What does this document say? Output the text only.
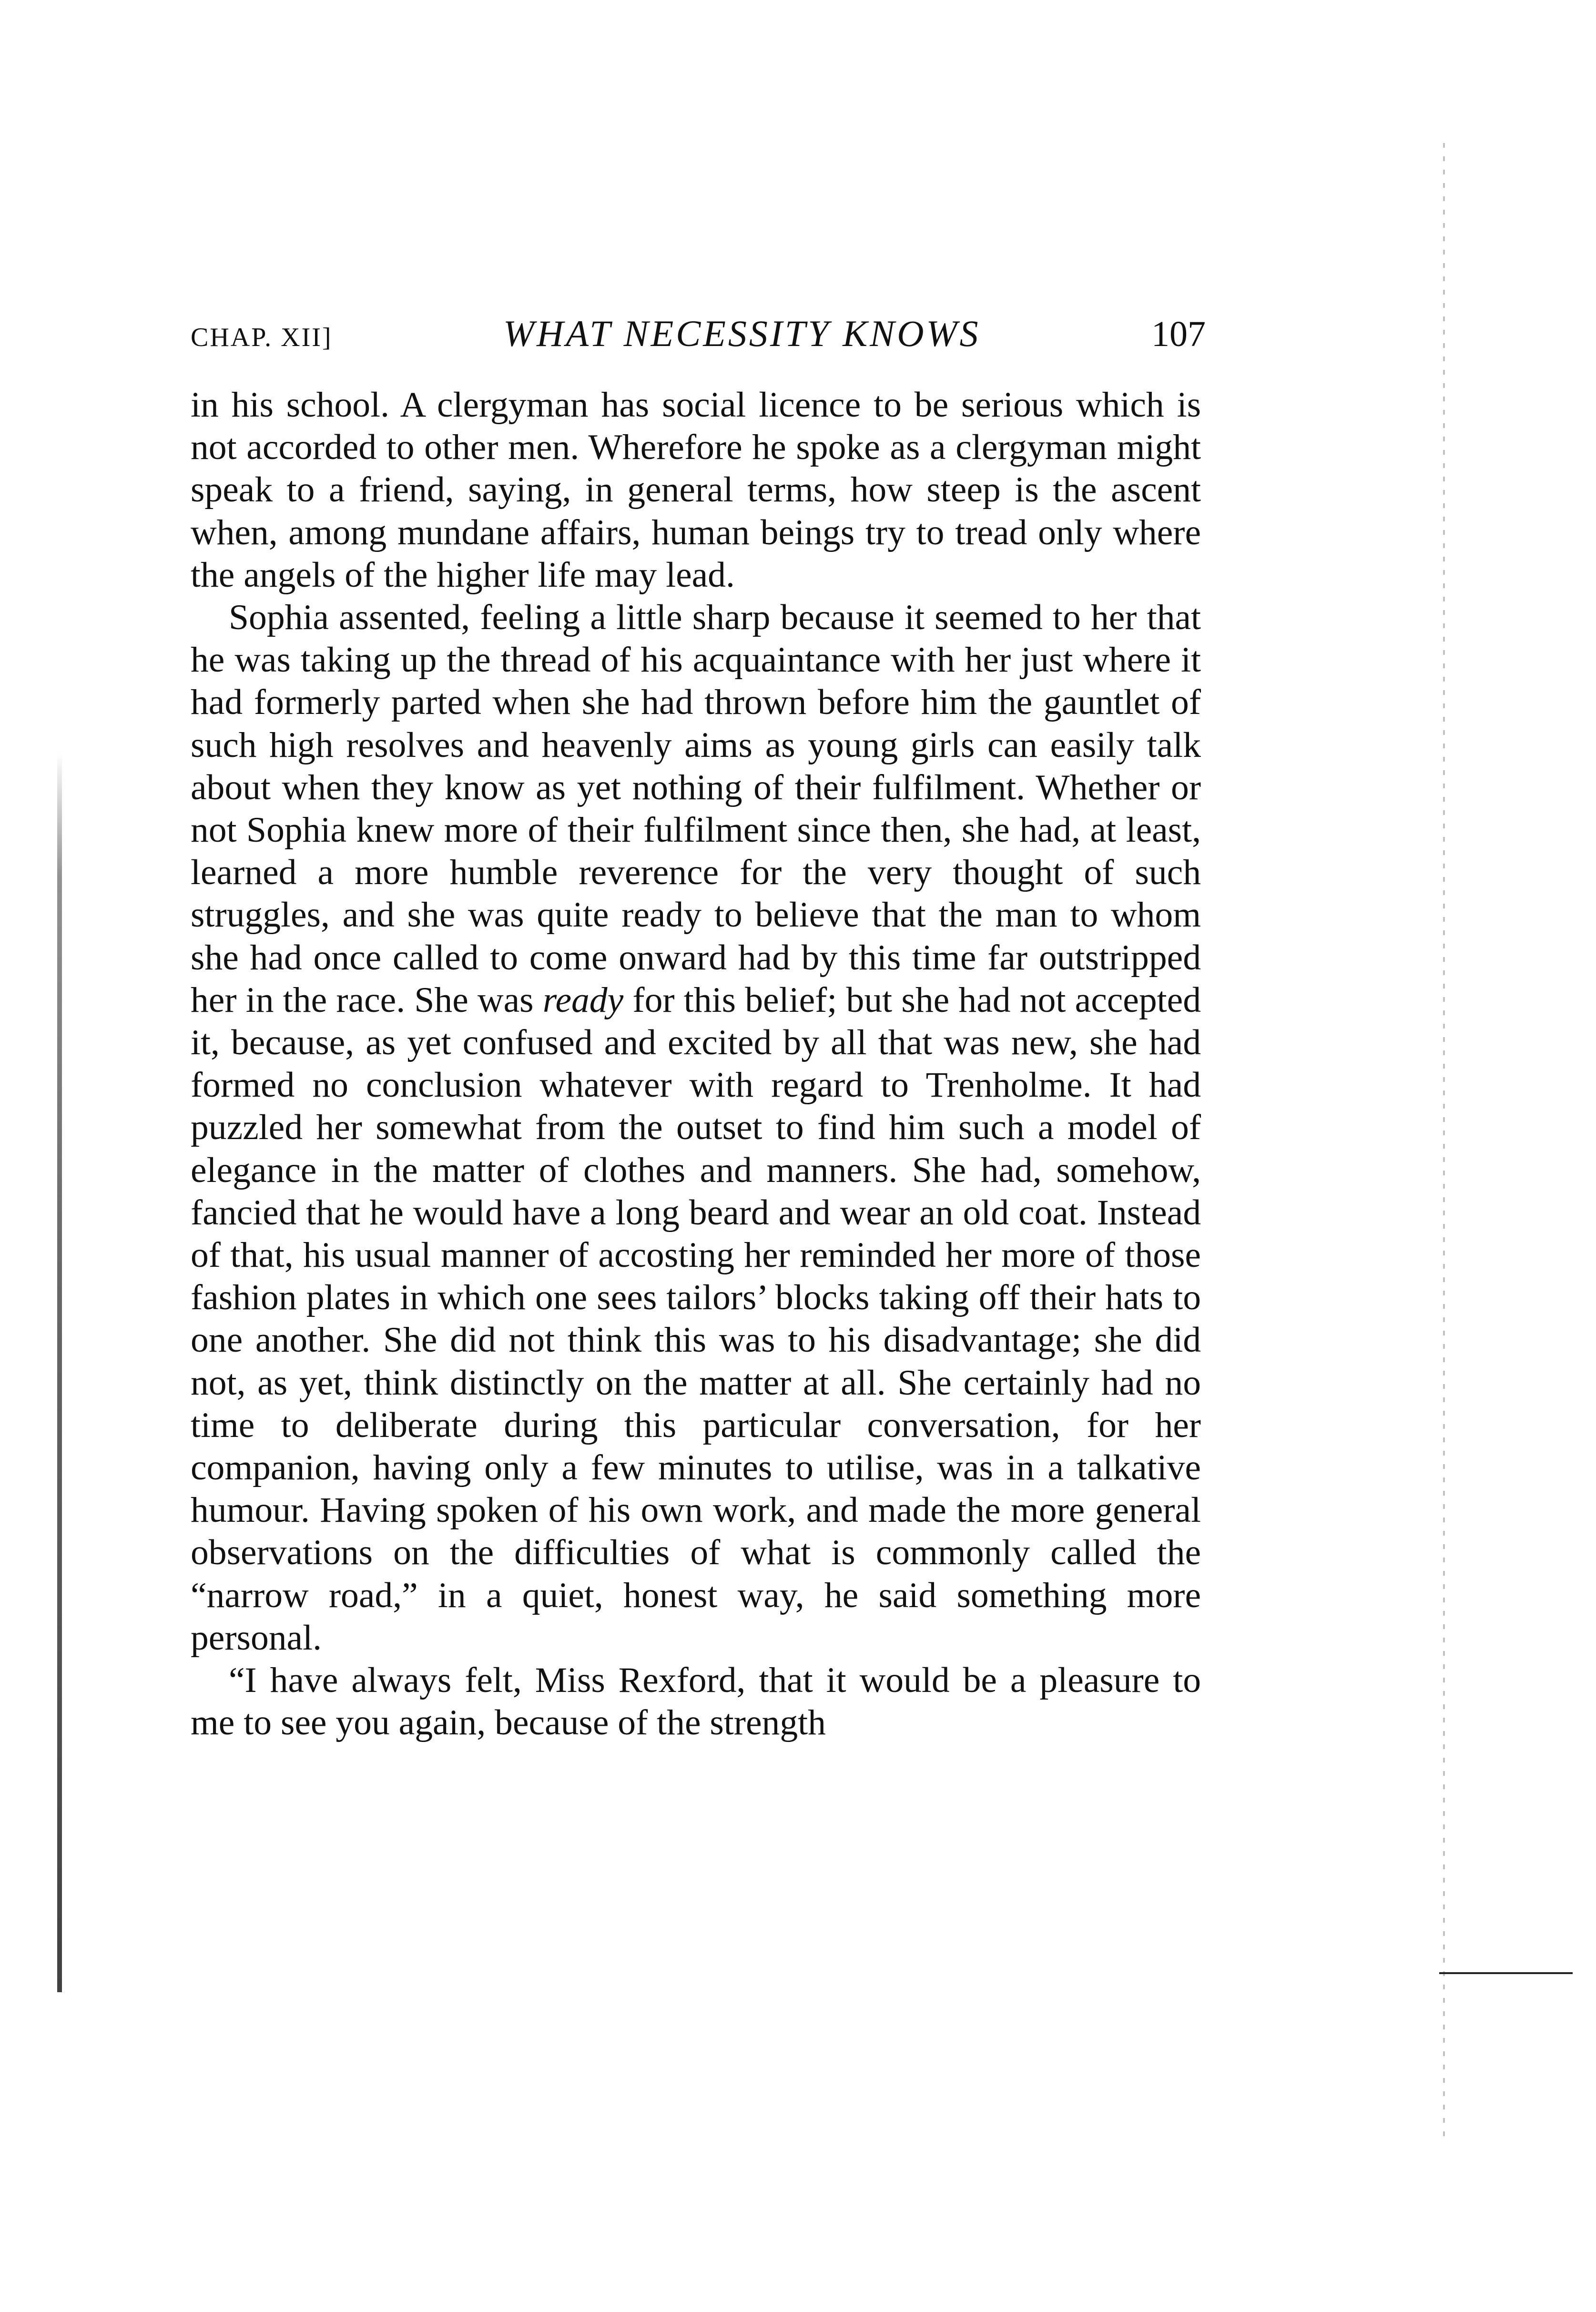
CHAP. XII]	WHAT NECESSITY KNOWS	107

in his school. A clergyman has social licence to be serious which is not accorded to other men. Wherefore he spoke as a clergyman might speak to a friend, saying, in general terms, how steep is the ascent when, among mundane affairs, human beings try to tread only where the angels of the higher life may lead.

Sophia assented, feeling a little sharp because it seemed to her that he was taking up the thread of his acquaintance with her just where it had formerly parted when she had thrown before him the gauntlet of such high resolves and heavenly aims as young girls can easily talk about when they know as yet nothing of their fulfilment. Whether or not Sophia knew more of their fulfilment since then, she had, at least, learned a more humble reverence for the very thought of such struggles, and she was quite ready to believe that the man to whom she had once called to come onward had by this time far outstripped her in the race. She was ready for this belief; but she had not accepted it, because, as yet confused and excited by all that was new, she had formed no conclusion whatever with regard to Trenholme. It had puzzled her somewhat from the outset to find him such a model of elegance in the matter of clothes and manners. She had, somehow, fancied that he would have a long beard and wear an old coat. Instead of that, his usual manner of accosting her reminded her more of those fashion plates in which one sees tailors’ blocks taking off their hats to one another. She did not think this was to his disadvantage; she did not, as yet, think distinctly on the matter at all. She certainly had no time to deliberate during this particular conversation, for her companion, having only a few minutes to utilise, was in a talkative humour. Having spoken of his own work, and made the more general observations on the difficulties of what is commonly called the “narrow road,” in a quiet, honest way, he said something more personal.

“I have always felt, Miss Rexford, that it would be a pleasure to me to see you again, because of the strength
